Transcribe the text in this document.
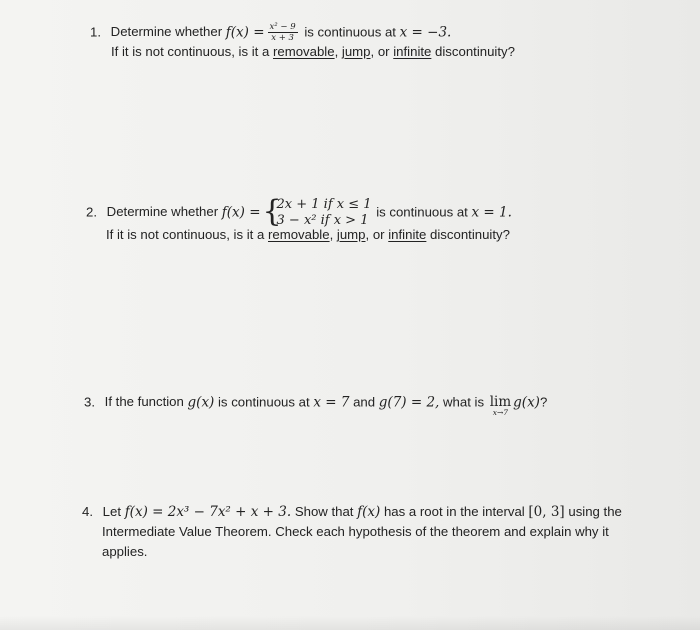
1. Determine whether $f(x) = \frac{\text{x² − 9}}{x + 3}$ is continuous at x = −3.
If it is not continuous, is it a removable, jump, or infinite discontinuity?
2. Determine whether f(x) = {
2x + 1 if x ≤ 1
3 − x² if x > 1
is continuous at x = 1.
If it is not continuous, is it a removable, jump, or infinite discontinuity?
3. If the function g(x) is continuous at x = 7 and g(7) = 2, what is lim
x→7
g(x)?
4. Let f(x) = 2x³ − 7x² + x + 3. Show that f(x) has a root in the interval [0, 3] using the
Intermediate Value Theorem. Check each hypothesis of the theorem and explain why it
applies.
